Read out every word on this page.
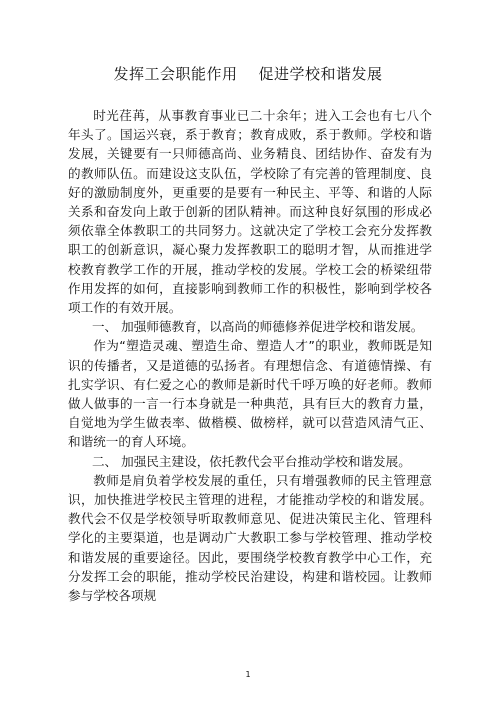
发挥工会职能作用    促进学校和谐发展

时光荏苒，从事教育事业已二十余年；进入工会也有七八个年头了。国运兴衰，系于教育；教育成败，系于教师。学校和谐发展，关键要有一只师德高尚、业务精良、团结协作、奋发有为的教师队伍。而建设这支队伍，学校除了有完善的管理制度、良好的激励制度外，更重要的是要有一种民主、平等、和谐的人际关系和奋发向上敢于创新的团队精神。而这种良好氛围的形成必须依靠全体教职工的共同努力。这就决定了学校工会充分发挥教职工的创新意识，凝心聚力发挥教职工的聪明才智，从而推进学校教育教学工作的开展，推动学校的发展。学校工会的桥梁纽带作用发挥的如何，直接影响到教师工作的积极性，影响到学校各项工作的有效开展。

一、 加强师德教育，以高尚的师德修养促进学校和谐发展。

作为“塑造灵魂、塑造生命、塑造人才”的职业，教师既是知识的传播者，又是道德的弘扬者。有理想信念、有道德情操、有扎实学识、有仁爱之心的教师是新时代千呼万唤的好老师。教师做人做事的一言一行本身就是一种典范，具有巨大的教育力量，自觉地为学生做表率、做楷模、做榜样，就可以营造风清气正、和谐统一的育人环境。

二、 加强民主建设，依托教代会平台推动学校和谐发展。

教师是肩负着学校发展的重任，只有增强教师的民主管理意识，加快推进学校民主管理的进程，才能推动学校的和谐发展。教代会不仅是学校领导听取教师意见、促进决策民主化、管理科学化的主要渠道，也是调动广大教职工参与学校管理、推动学校和谐发展的重要途径。因此，要围绕学校教育教学中心工作，充分发挥工会的职能，推动学校民治建设，构建和谐校园。让教师参与学校各项规

1
